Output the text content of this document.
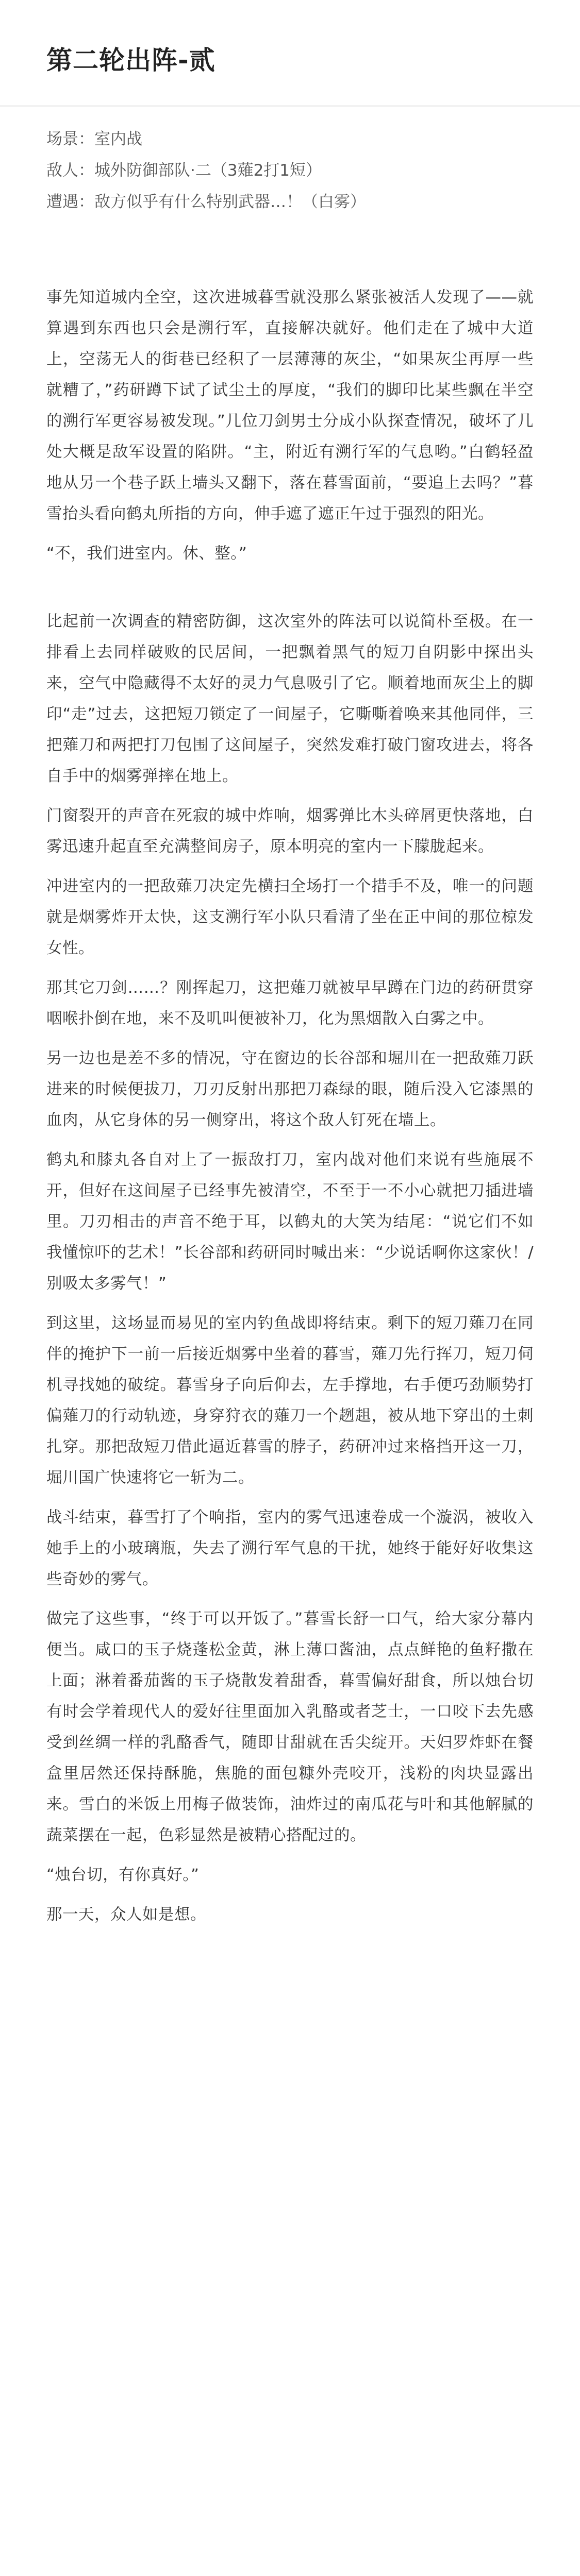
第二轮出阵-贰

场景：室内战

敌人：城外防御部队·二（3薙2打1短）

遭遇：敌方似乎有什么特别武器…！（白雾）

事先知道城内全空，这次进城暮雪就没那么紧张被活人发现了——就算遇到东西也只会是溯行军，直接解决就好。他们走在了城中大道上，空荡无人的街巷已经积了一层薄薄的灰尘，“如果灰尘再厚一些就糟了，”药研蹲下试了试尘土的厚度，“我们的脚印比某些飘在半空的溯行军更容易被发现。”几位刀剑男士分成小队探查情况，破坏了几处大概是敌军设置的陷阱。“主，附近有溯行军的气息哟。”白鹤轻盈地从另一个巷子跃上墙头又翻下，落在暮雪面前，“要追上去吗？”暮雪抬头看向鹤丸所指的方向，伸手遮了遮正午过于强烈的阳光。

“不，我们进室内。休、整。”

比起前一次调查的精密防御，这次室外的阵法可以说简朴至极。在一排看上去同样破败的民居间，一把飘着黑气的短刀自阴影中探出头来，空气中隐藏得不太好的灵力气息吸引了它。顺着地面灰尘上的脚印“走”过去，这把短刀锁定了一间屋子，它嘶嘶着唤来其他同伴，三把薙刀和两把打刀包围了这间屋子，突然发难打破门窗攻进去，将各自手中的烟雾弹摔在地上。

门窗裂开的声音在死寂的城中炸响，烟雾弹比木头碎屑更快落地，白雾迅速升起直至充满整间房子，原本明亮的室内一下朦胧起来。

冲进室内的一把敌薙刀决定先横扫全场打一个措手不及，唯一的问题就是烟雾炸开太快，这支溯行军小队只看清了坐在正中间的那位椋发女性。

那其它刀剑……？刚挥起刀，这把薙刀就被早早蹲在门边的药研贯穿咽喉扑倒在地，来不及叽叫便被补刀，化为黑烟散入白雾之中。

另一边也是差不多的情况，守在窗边的长谷部和堀川在一把敌薙刀跃进来的时候便拔刀，刀刃反射出那把刀森绿的眼，随后没入它漆黑的血肉，从它身体的另一侧穿出，将这个敌人钉死在墙上。

鹤丸和膝丸各自对上了一振敌打刀，室内战对他们来说有些施展不开，但好在这间屋子已经事先被清空，不至于一不小心就把刀插进墙里。刀刃相击的声音不绝于耳，以鹤丸的大笑为结尾：“说它们不如我懂惊吓的艺术！”长谷部和药研同时喊出来：“少说话啊你这家伙！/别吸太多雾气！”

到这里，这场显而易见的室内钓鱼战即将结束。剩下的短刀薙刀在同伴的掩护下一前一后接近烟雾中坐着的暮雪，薙刀先行挥刀，短刀伺机寻找她的破绽。暮雪身子向后仰去，左手撑地，右手便巧劲顺势打偏薙刀的行动轨迹，身穿狩衣的薙刀一个趔趄，被从地下穿出的土刺扎穿。那把敌短刀借此逼近暮雪的脖子，药研冲过来格挡开这一刀，堀川国广快速将它一斩为二。

战斗结束，暮雪打了个响指，室内的雾气迅速卷成一个漩涡，被收入她手上的小玻璃瓶，失去了溯行军气息的干扰，她终于能好好收集这些奇妙的雾气。

做完了这些事，“终于可以开饭了。”暮雪长舒一口气，给大家分幕内便当。咸口的玉子烧蓬松金黄，淋上薄口酱油，点点鲜艳的鱼籽撒在上面；淋着番茄酱的玉子烧散发着甜香，暮雪偏好甜食，所以烛台切有时会学着现代人的爱好往里面加入乳酪或者芝士，一口咬下去先感受到丝绸一样的乳酪香气，随即甘甜就在舌尖绽开。天妇罗炸虾在餐盒里居然还保持酥脆，焦脆的面包糠外壳咬开，浅粉的肉块显露出来。雪白的米饭上用梅子做装饰，油炸过的南瓜花与叶和其他解腻的蔬菜摆在一起，色彩显然是被精心搭配过的。

“烛台切，有你真好。”

那一天，众人如是想。
